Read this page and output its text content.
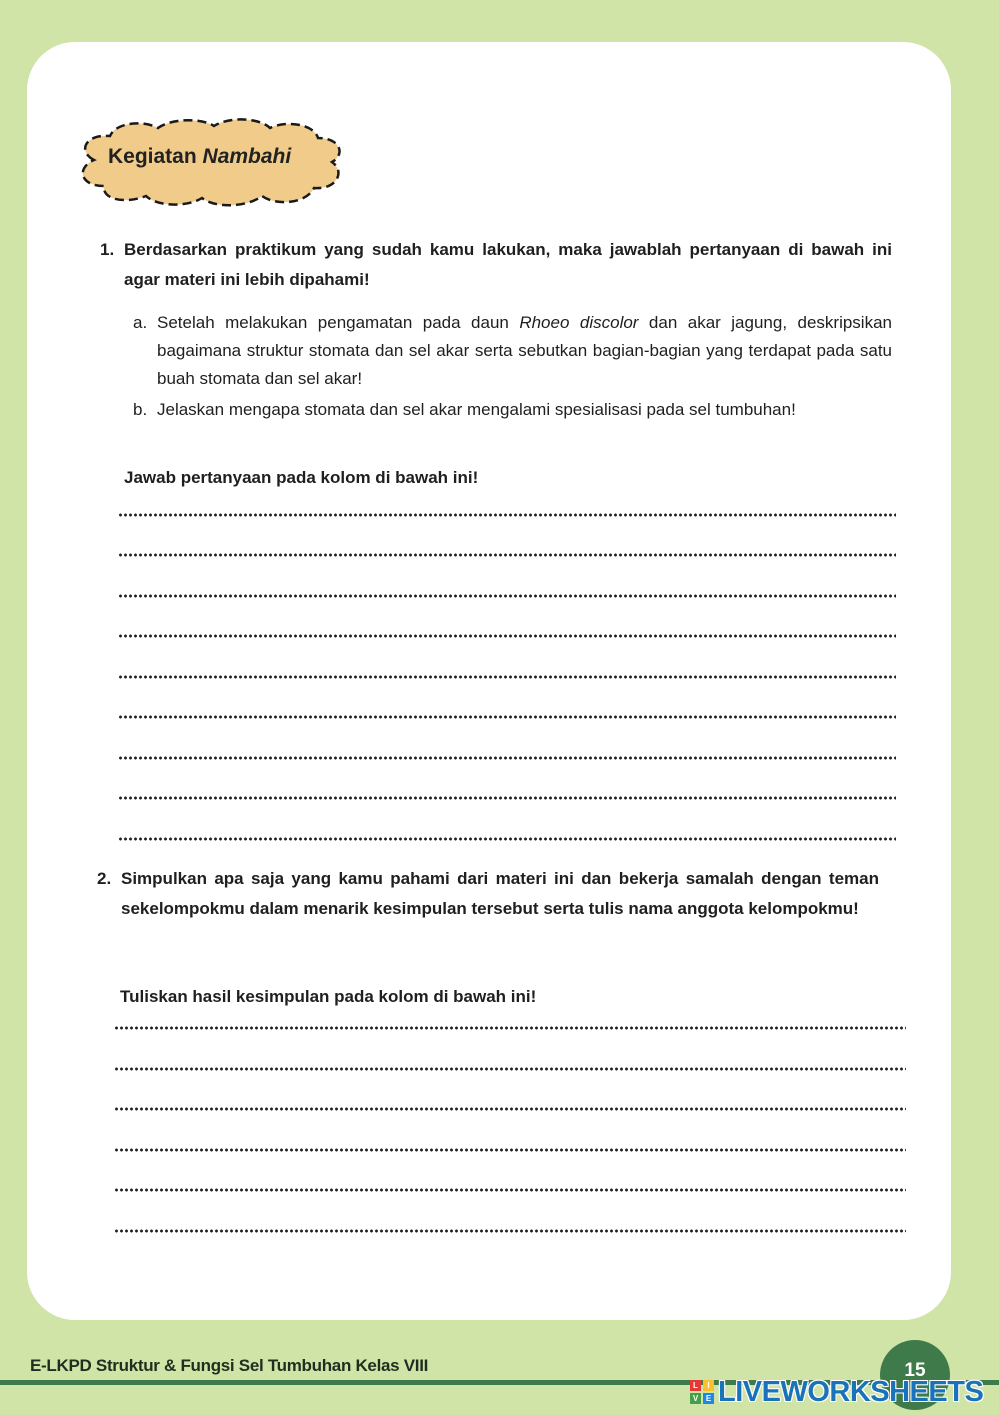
Kegiatan Nambahi
1. Berdasarkan praktikum yang sudah kamu lakukan, maka jawablah pertanyaan di bawah ini agar materi ini lebih dipahami!
a. Setelah melakukan pengamatan pada daun Rhoeo discolor dan akar jagung, deskripsikan bagaimana struktur stomata dan sel akar serta sebutkan bagian-bagian yang terdapat pada satu buah stomata dan sel akar!
b. Jelaskan mengapa stomata dan sel akar mengalami spesialisasi pada sel tumbuhan!
Jawab pertanyaan pada kolom di bawah ini!
2. Simpulkan apa saja yang kamu pahami dari materi ini dan bekerja samalah dengan teman sekelompokmu dalam menarik kesimpulan tersebut serta tulis nama anggota kelompokmu!
Tuliskan hasil kesimpulan pada kolom di bawah ini!
E-LKPD Struktur & Fungsi Sel Tumbuhan Kelas VIII	15
L	I
V E LIVEWORKSHEETS
